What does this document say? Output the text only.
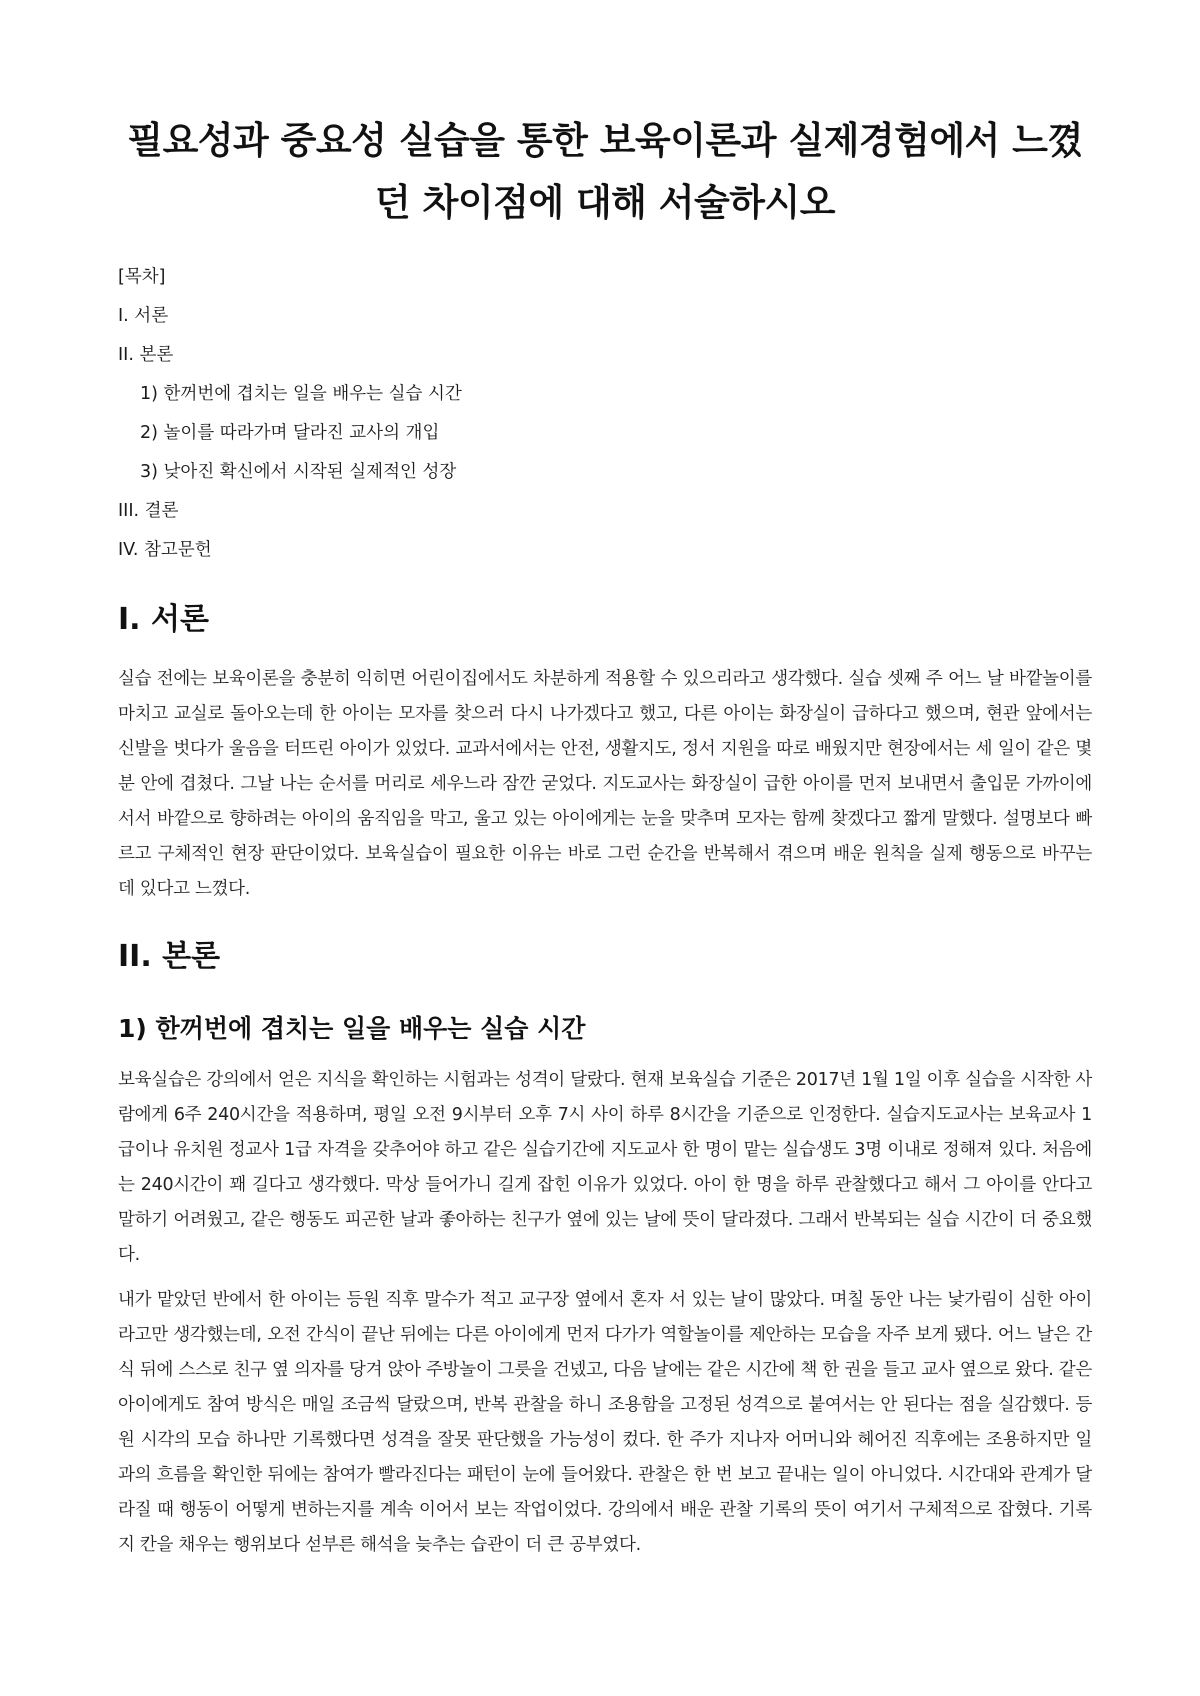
필요성과 중요성 실습을 통한 보육이론과 실제경험에서 느꼈던 차이점에 대해 서술하시오
[목차]
I. 서론
II. 본론
1) 한꺼번에 겹치는 일을 배우는 실습 시간
2) 놀이를 따라가며 달라진 교사의 개입
3) 낮아진 확신에서 시작된 실제적인 성장
III. 결론
IV. 참고문헌
I. 서론

실습 전에는 보육이론을 충분히 익히면 어린이집에서도 차분하게 적용할 수 있으리라고 생각했다. 실습 셋째 주 어느 날 바깥놀이를 마치고 교실로 돌아오는데 한 아이는 모자를 찾으러 다시 나가겠다고 했고, 다른 아이는 화장실이 급하다고 했으며, 현관 앞에서는 신발을 벗다가 울음을 터뜨린 아이가 있었다. 교과서에서는 안전, 생활지도, 정서 지원을 따로 배웠지만 현장에서는 세 일이 같은 몇 분 안에 겹쳤다. 그날 나는 순서를 머리로 세우느라 잠깐 굳었다. 지도교사는 화장실이 급한 아이를 먼저 보내면서 출입문 가까이에 서서 바깥으로 향하려는 아이의 움직임을 막고, 울고 있는 아이에게는 눈을 맞추며 모자는 함께 찾겠다고 짧게 말했다. 설명보다 빠르고 구체적인 현장 판단이었다. 보육실습이 필요한 이유는 바로 그런 순간을 반복해서 겪으며 배운 원칙을 실제 행동으로 바꾸는 데 있다고 느꼈다.

II. 본론
1) 한꺼번에 겹치는 일을 배우는 실습 시간

보육실습은 강의에서 얻은 지식을 확인하는 시험과는 성격이 달랐다. 현재 보육실습 기준은 2017년 1월 1일 이후 실습을 시작한 사람에게 6주 240시간을 적용하며, 평일 오전 9시부터 오후 7시 사이 하루 8시간을 기준으로 인정한다. 실습지도교사는 보육교사 1급이나 유치원 정교사 1급 자격을 갖추어야 하고 같은 실습기간에 지도교사 한 명이 맡는 실습생도 3명 이내로 정해져 있다. 처음에는 240시간이 꽤 길다고 생각했다. 막상 들어가니 길게 잡힌 이유가 있었다. 아이 한 명을 하루 관찰했다고 해서 그 아이를 안다고 말하기 어려웠고, 같은 행동도 피곤한 날과 좋아하는 친구가 옆에 있는 날에 뜻이 달라졌다. 그래서 반복되는 실습 시간이 더 중요했다.

내가 맡았던 반에서 한 아이는 등원 직후 말수가 적고 교구장 옆에서 혼자 서 있는 날이 많았다. 며칠 동안 나는 낯가림이 심한 아이라고만 생각했는데, 오전 간식이 끝난 뒤에는 다른 아이에게 먼저 다가가 역할놀이를 제안하는 모습을 자주 보게 됐다. 어느 날은 간식 뒤에 스스로 친구 옆 의자를 당겨 앉아 주방놀이 그릇을 건넸고, 다음 날에는 같은 시간에 책 한 권을 들고 교사 옆으로 왔다. 같은 아이에게도 참여 방식은 매일 조금씩 달랐으며, 반복 관찰을 하니 조용함을 고정된 성격으로 붙여서는 안 된다는 점을 실감했다. 등원 시각의 모습 하나만 기록했다면 성격을 잘못 판단했을 가능성이 컸다. 한 주가 지나자 어머니와 헤어진 직후에는 조용하지만 일과의 흐름을 확인한 뒤에는 참여가 빨라진다는 패턴이 눈에 들어왔다. 관찰은 한 번 보고 끝내는 일이 아니었다. 시간대와 관계가 달라질 때 행동이 어떻게 변하는지를 계속 이어서 보는 작업이었다. 강의에서 배운 관찰 기록의 뜻이 여기서 구체적으로 잡혔다. 기록지 칸을 채우는 행위보다 섣부른 해석을 늦추는 습관이 더 큰 공부였다.
